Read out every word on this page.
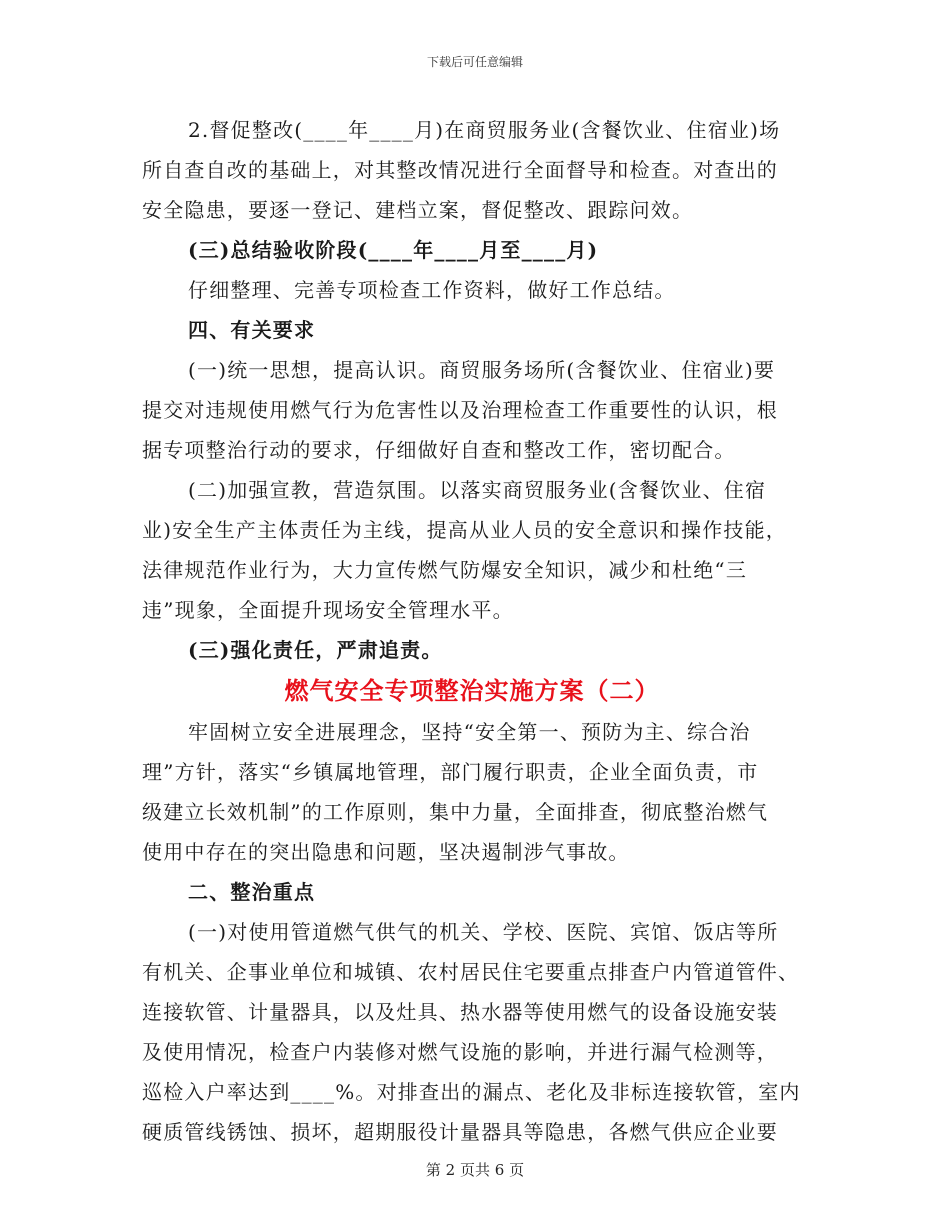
下载后可任意编辑
2.督促整改(____年____月)在商贸服务业(含餐饮业、住宿业)场
所自查自改的基础上，对其整改情况进行全面督导和检查。对查出的
安全隐患，要逐一登记、建档立案，督促整改、跟踪问效。
(三)总结验收阶段(____年____月至____月)
仔细整理、完善专项检查工作资料，做好工作总结。
四、有关要求
(一)统一思想，提高认识。商贸服务场所(含餐饮业、住宿业)要
提交对违规使用燃气行为危害性以及治理检查工作重要性的认识，根
据专项整治行动的要求，仔细做好自查和整改工作，密切配合。
(二)加强宣教，营造氛围。以落实商贸服务业(含餐饮业、住宿
业)安全生产主体责任为主线，提高从业人员的安全意识和操作技能，
法律规范作业行为，大力宣传燃气防爆安全知识，减少和杜绝“三
违”现象，全面提升现场安全管理水平。
(三)强化责任，严肃追责。
燃气安全专项整治实施方案（二）
牢固树立安全进展理念，坚持“安全第一、预防为主、综合治
理”方针，落实“乡镇属地管理，部门履行职责，企业全面负责，市
级建立长效机制”的工作原则，集中力量，全面排查，彻底整治燃气
使用中存在的突出隐患和问题，坚决遏制涉气事故。
二、整治重点
(一)对使用管道燃气供气的机关、学校、医院、宾馆、饭店等所
有机关、企事业单位和城镇、农村居民住宅要重点排查户内管道管件、
连接软管、计量器具，以及灶具、热水器等使用燃气的设备设施安装
及使用情况，检查户内装修对燃气设施的影响，并进行漏气检测等，
巡检入户率达到____%。对排查出的漏点、老化及非标连接软管，室内
硬质管线锈蚀、损坏，超期服役计量器具等隐患，各燃气供应企业要
第 2 页共 6 页
